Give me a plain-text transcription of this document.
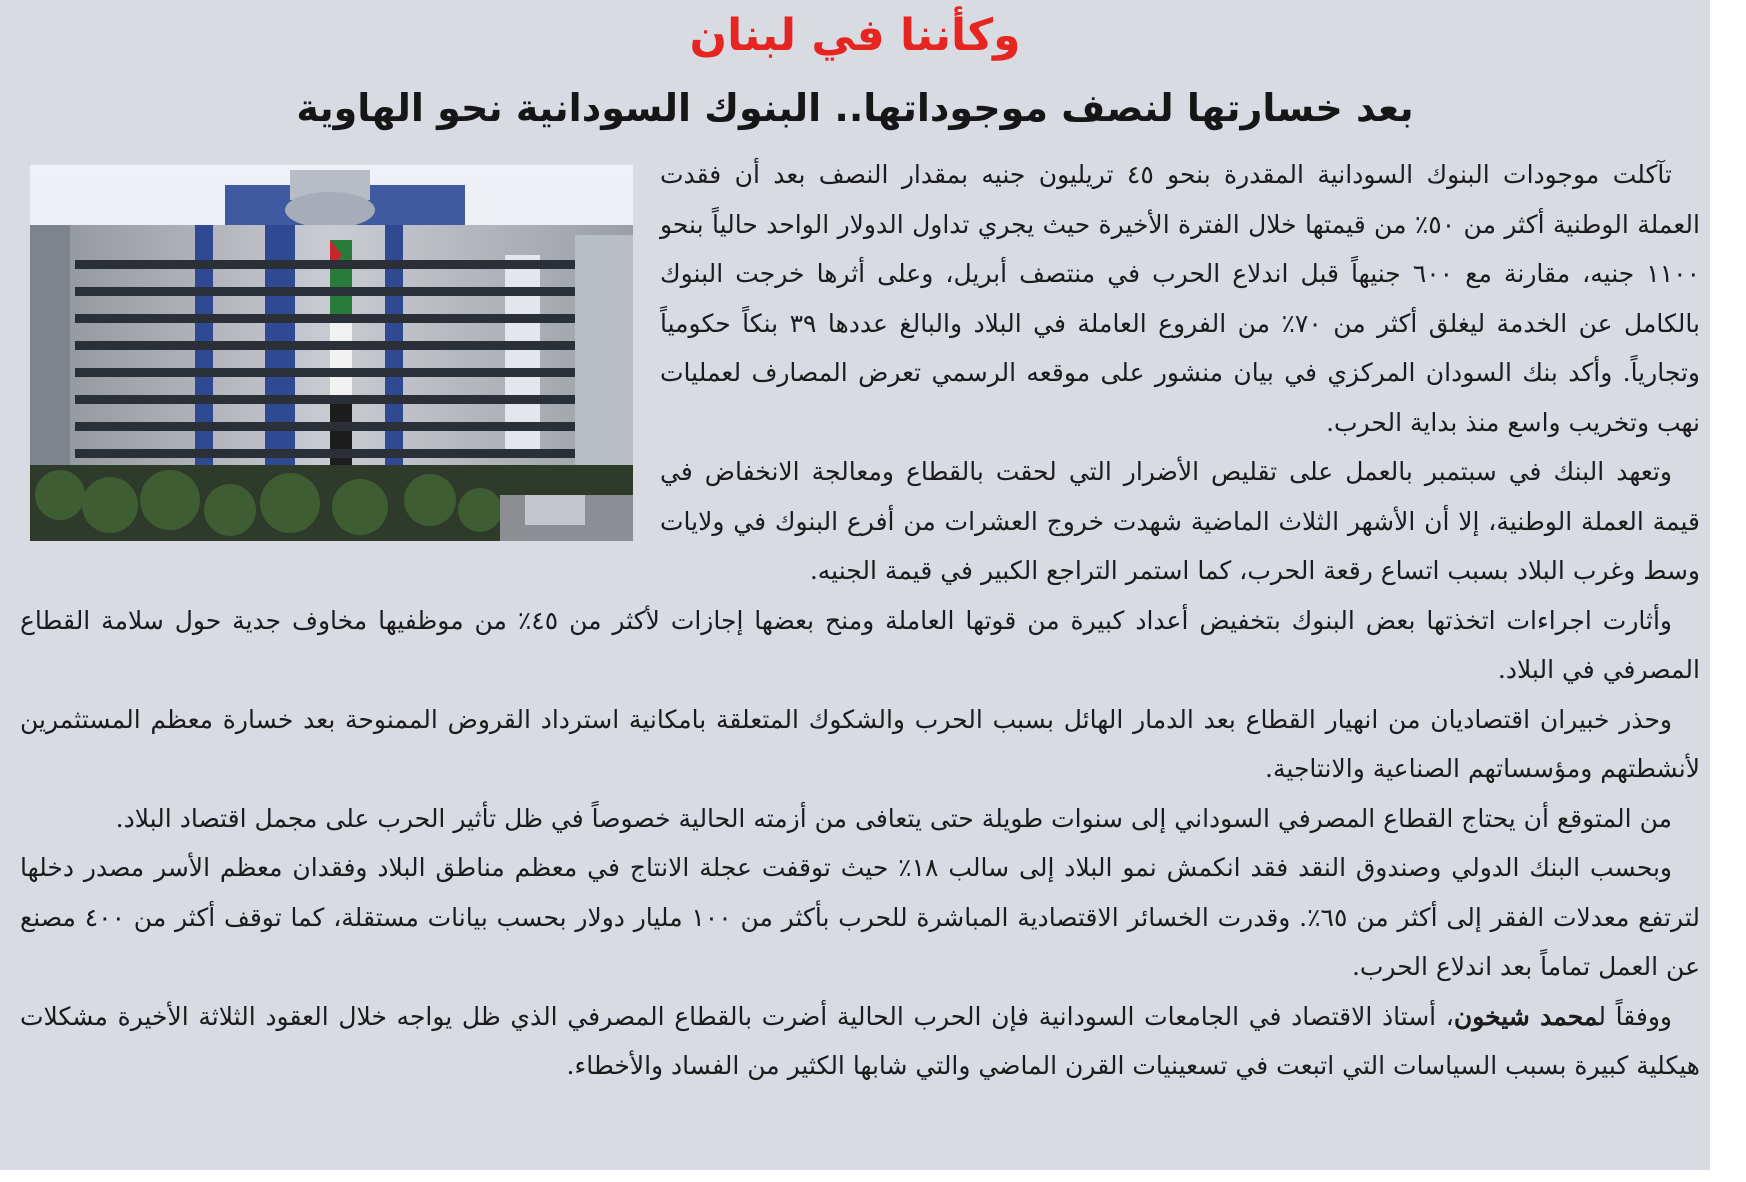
وكأننا في لبنان
بعد خسارتها لنصف موجوداتها.. البنوك السودانية نحو الهاوية

تآكلت موجودات البنوك السودانية المقدرة بنحو ٤٥ تريليون جنيه بمقدار النصف بعد أن فقدت العملة الوطنية أكثر من ٥٠٪ من قيمتها خلال الفترة الأخيرة حيث يجري تداول الدولار الواحد حالياً بنحو ١١٠٠ جنيه، مقارنة مع ٦٠٠ جنيهاً قبل اندلاع الحرب في منتصف أبريل، وعلى أثرها خرجت البنوك بالكامل عن الخدمة ليغلق أكثر من ٧٠٪ من الفروع العاملة في البلاد والبالغ عددها ٣٩ بنكاً حكومياً وتجارياً. وأكد بنك السودان المركزي في بيان منشور على موقعه الرسمي تعرض المصارف لعمليات نهب وتخريب واسع منذ بداية الحرب.

وتعهد البنك في سبتمبر بالعمل على تقليص الأضرار التي لحقت بالقطاع ومعالجة الانخفاض في قيمة العملة الوطنية، إلا أن الأشهر الثلاث الماضية شهدت خروج العشرات من أفرع البنوك في ولايات وسط وغرب البلاد بسبب اتساع رقعة الحرب، كما استمر التراجع الكبير في قيمة الجنيه.

وأثارت اجراءات اتخذتها بعض البنوك بتخفيض أعداد كبيرة من قوتها العاملة ومنح بعضها إجازات لأكثر من ٤٥٪ من موظفيها مخاوف جدية حول سلامة القطاع المصرفي في البلاد.

وحذر خبيران اقتصاديان من انهيار القطاع بعد الدمار الهائل بسبب الحرب والشكوك المتعلقة بامكانية استرداد القروض الممنوحة بعد خسارة معظم المستثمرين لأنشطتهم ومؤسساتهم الصناعية والانتاجية.

من المتوقع أن يحتاج القطاع المصرفي السوداني إلى سنوات طويلة حتى يتعافى من أزمته الحالية خصوصاً في ظل تأثير الحرب على مجمل اقتصاد البلاد.

وبحسب البنك الدولي وصندوق النقد فقد انكمش نمو البلاد إلى سالب ١٨٪ حيث توقفت عجلة الانتاج في معظم مناطق البلاد وفقدان معظم الأسر مصدر دخلها لترتفع معدلات الفقر إلى أكثر من ٦٥٪. وقدرت الخسائر الاقتصادية المباشرة للحرب بأكثر من ١٠٠ مليار دولار بحسب بيانات مستقلة، كما توقف أكثر من ٤٠٠ مصنع عن العمل تماماً بعد اندلاع الحرب.

ووفقاً لمحمد شيخون، أستاذ الاقتصاد في الجامعات السودانية فإن الحرب الحالية أضرت بالقطاع المصرفي الذي ظل يواجه خلال العقود الثلاثة الأخيرة مشكلات هيكلية كبيرة بسبب السياسات التي اتبعت في تسعينيات القرن الماضي والتي شابها الكثير من الفساد والأخطاء.
